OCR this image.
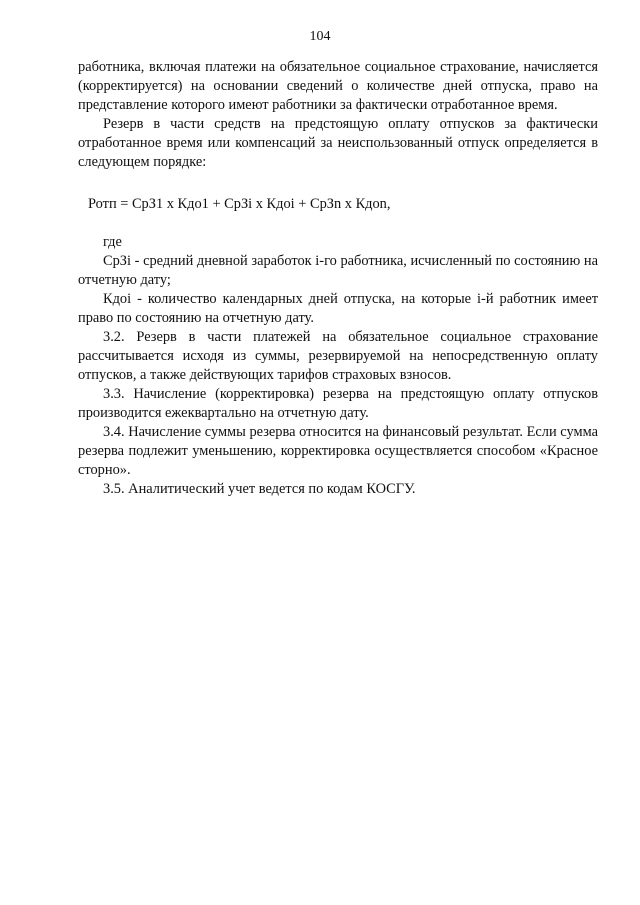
104

работника, включая платежи на обязательное социальное страхование, начисляется (корректируется) на основании сведений о количестве дней отпуска, право на представление которого имеют работники за фактически отработанное время.

Резерв в части средств на предстоящую оплату отпусков за фактически отработанное время или компенсаций за неиспользованный отпуск определяется в следующем порядке:

Ротп = СрЗ1 х Кдо1 + СрЗi х Кдоi + СрЗn х Кдоn,

где

СрЗi - средний дневной заработок i-го работника, исчисленный по состоянию на отчетную дату;

Кдоi - количество календарных дней отпуска, на которые i-й работник имеет право по состоянию на отчетную дату.

3.2. Резерв в части платежей на обязательное социальное страхование рассчитывается исходя из суммы, резервируемой на непосредственную оплату отпусков, а также действующих тарифов страховых взносов.

3.3. Начисление (корректировка) резерва на предстоящую оплату отпусков производится ежеквартально на отчетную дату.

3.4. Начисление суммы резерва относится на финансовый результат. Если сумма резерва подлежит уменьшению, корректировка осуществляется способом «Красное сторно».

3.5. Аналитический учет ведется по кодам КОСГУ.
